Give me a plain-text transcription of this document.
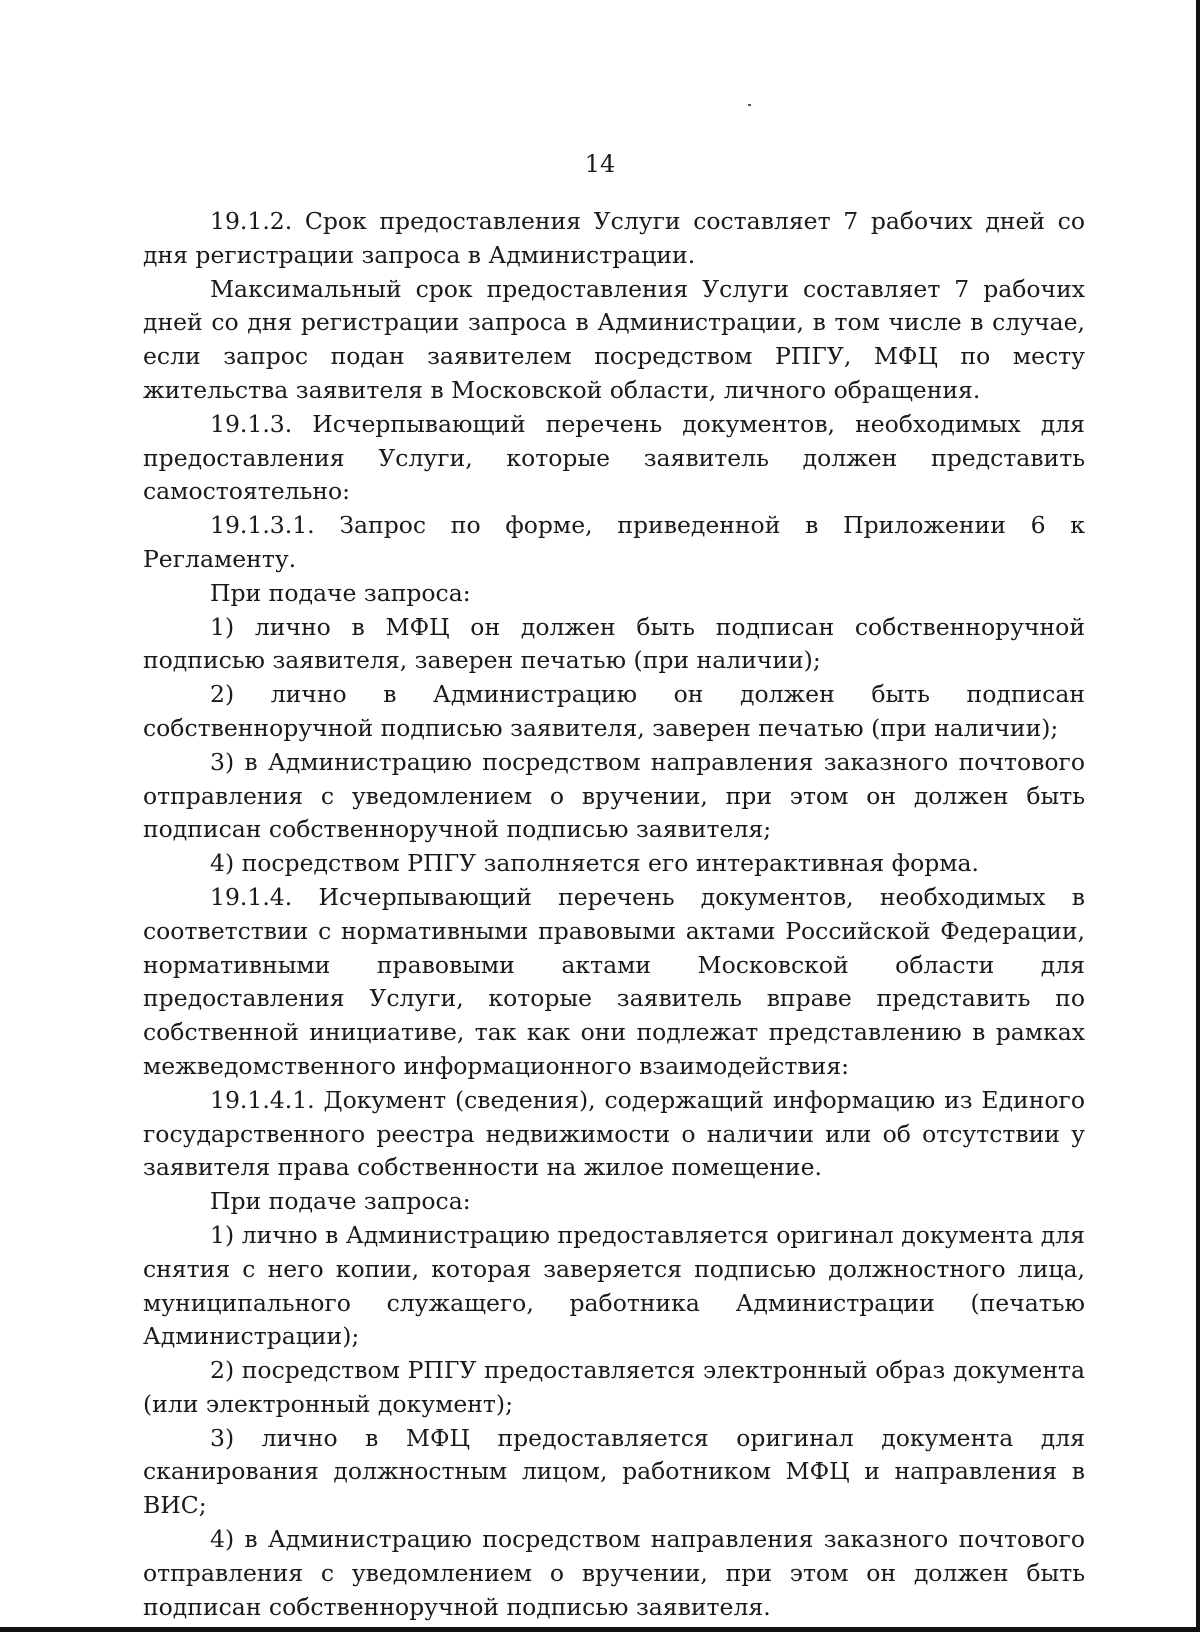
14

19.1.2. Срок предоставления Услуги составляет 7 рабочих дней со дня регистрации запроса в Администрации.

Максимальный срок предоставления Услуги составляет 7 рабочих дней со дня регистрации запроса в Администрации, в том числе в случае, если запрос подан заявителем посредством РПГУ, МФЦ по месту жительства заявителя в Московской области, личного обращения.

19.1.3. Исчерпывающий перечень документов, необходимых для предоставления Услуги, которые заявитель должен представить самостоятельно:

19.1.3.1. Запрос по форме, приведенной в Приложении 6 к Регламенту.

При подаче запроса:

1) лично в МФЦ он должен быть подписан собственноручной подписью заявителя, заверен печатью (при наличии);

2) лично в Администрацию он должен быть подписан собственноручной подписью заявителя, заверен печатью (при наличии);

3) в Администрацию посредством направления заказного почтового отправления с уведомлением о вручении, при этом он должен быть подписан собственноручной подписью заявителя;

4) посредством РПГУ заполняется его интерактивная форма.

19.1.4. Исчерпывающий перечень документов, необходимых в соответствии с нормативными правовыми актами Российской Федерации, нормативными правовыми актами Московской области для предоставления Услуги, которые заявитель вправе представить по собственной инициативе, так как они подлежат представлению в рамках межведомственного информационного взаимодействия:

19.1.4.1. Документ (сведения), содержащий информацию из Единого государственного реестра недвижимости о наличии или об отсутствии у заявителя права собственности на жилое помещение.

При подаче запроса:

1) лично в Администрацию предоставляется оригинал документа для снятия с него копии, которая заверяется подписью должностного лица, муниципального служащего, работника Администрации (печатью Администрации);

2) посредством РПГУ предоставляется электронный образ документа (или электронный документ);

3) лично в МФЦ предоставляется оригинал документа для сканирования должностным лицом, работником МФЦ и направления в ВИС;

4) в Администрацию посредством направления заказного почтового отправления с уведомлением о вручении, при этом он должен быть подписан собственноручной подписью заявителя.
